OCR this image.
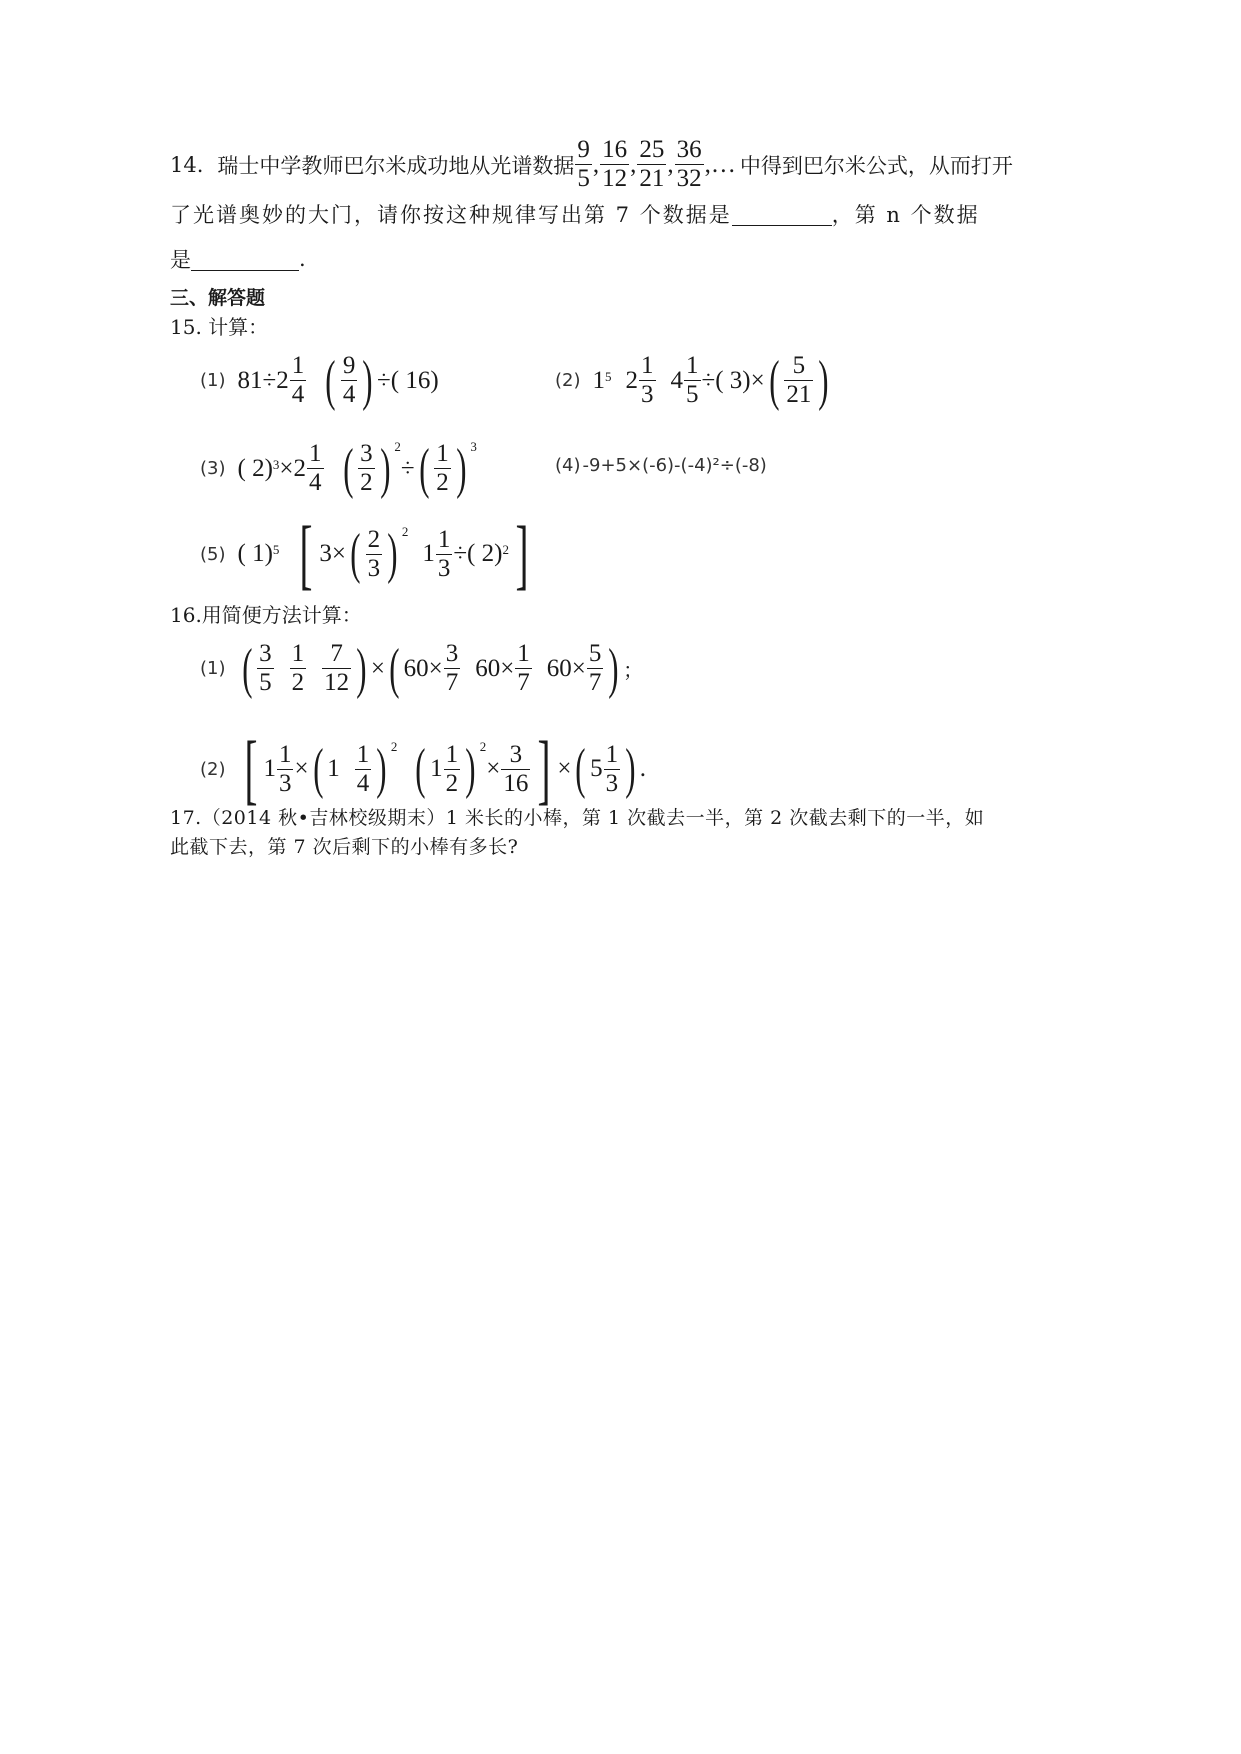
14. 瑞士中学教师巴尔米成功地从光谱数据 $\frac{9}{5}$ , $\frac{16}{12}$ , $\frac{25}{21}$ , $\frac{36}{32}$ ,… 中得到巴尔米公式，从而打开
了光谱奥妙的大门，请你按这种规律写出第 7 个数据是	，第 n 个数据
是	.
三、解答题
15. 计算：
(1) $81\div 2 \frac{1}{4}$ ( $\frac{9}{4}$ ) ÷( 16)	(2) 1 5 $2 \frac{1}{3} 4 \frac{1}{5}$ ÷( 3)× ( $\frac{5}{21}$ )
(3) ( 2) $3 \times 2 \frac{1}{4}$ ( $\frac{3}{2}$ ) 2
÷ ( $\frac{1}{2}$ ) 3
(4) -9+5×(-6)-(-4)²÷(-8)
(5) ( 1) 5 [ 3× ( $\frac{2}{3}$ ) 2
$1 \frac{1}{3}$ ÷( 2) 2 ]
16.用简便方法计算：
(1) ( $\frac{3}{5} \frac{1}{2} \frac{7}{12}$ ) × ( $60\times \frac{3}{7} 60\times \frac{1}{7} 60\times \frac{5}{7}$ ) ；
(2) [ $1 \frac{1}{3}$ × ( $1 \frac{1}{4}$ ) 2 ( $1 \frac{1}{2}$ ) 2
× $\frac{3}{16}$ ] × ( $5 \frac{1}{3}$ ) .
17.（2014 秋•吉林校级期末）1 米长的小棒，第 1 次截去一半，第 2 次截去剩下的一半，如
此截下去，第 7 次后剩下的小棒有多长?
